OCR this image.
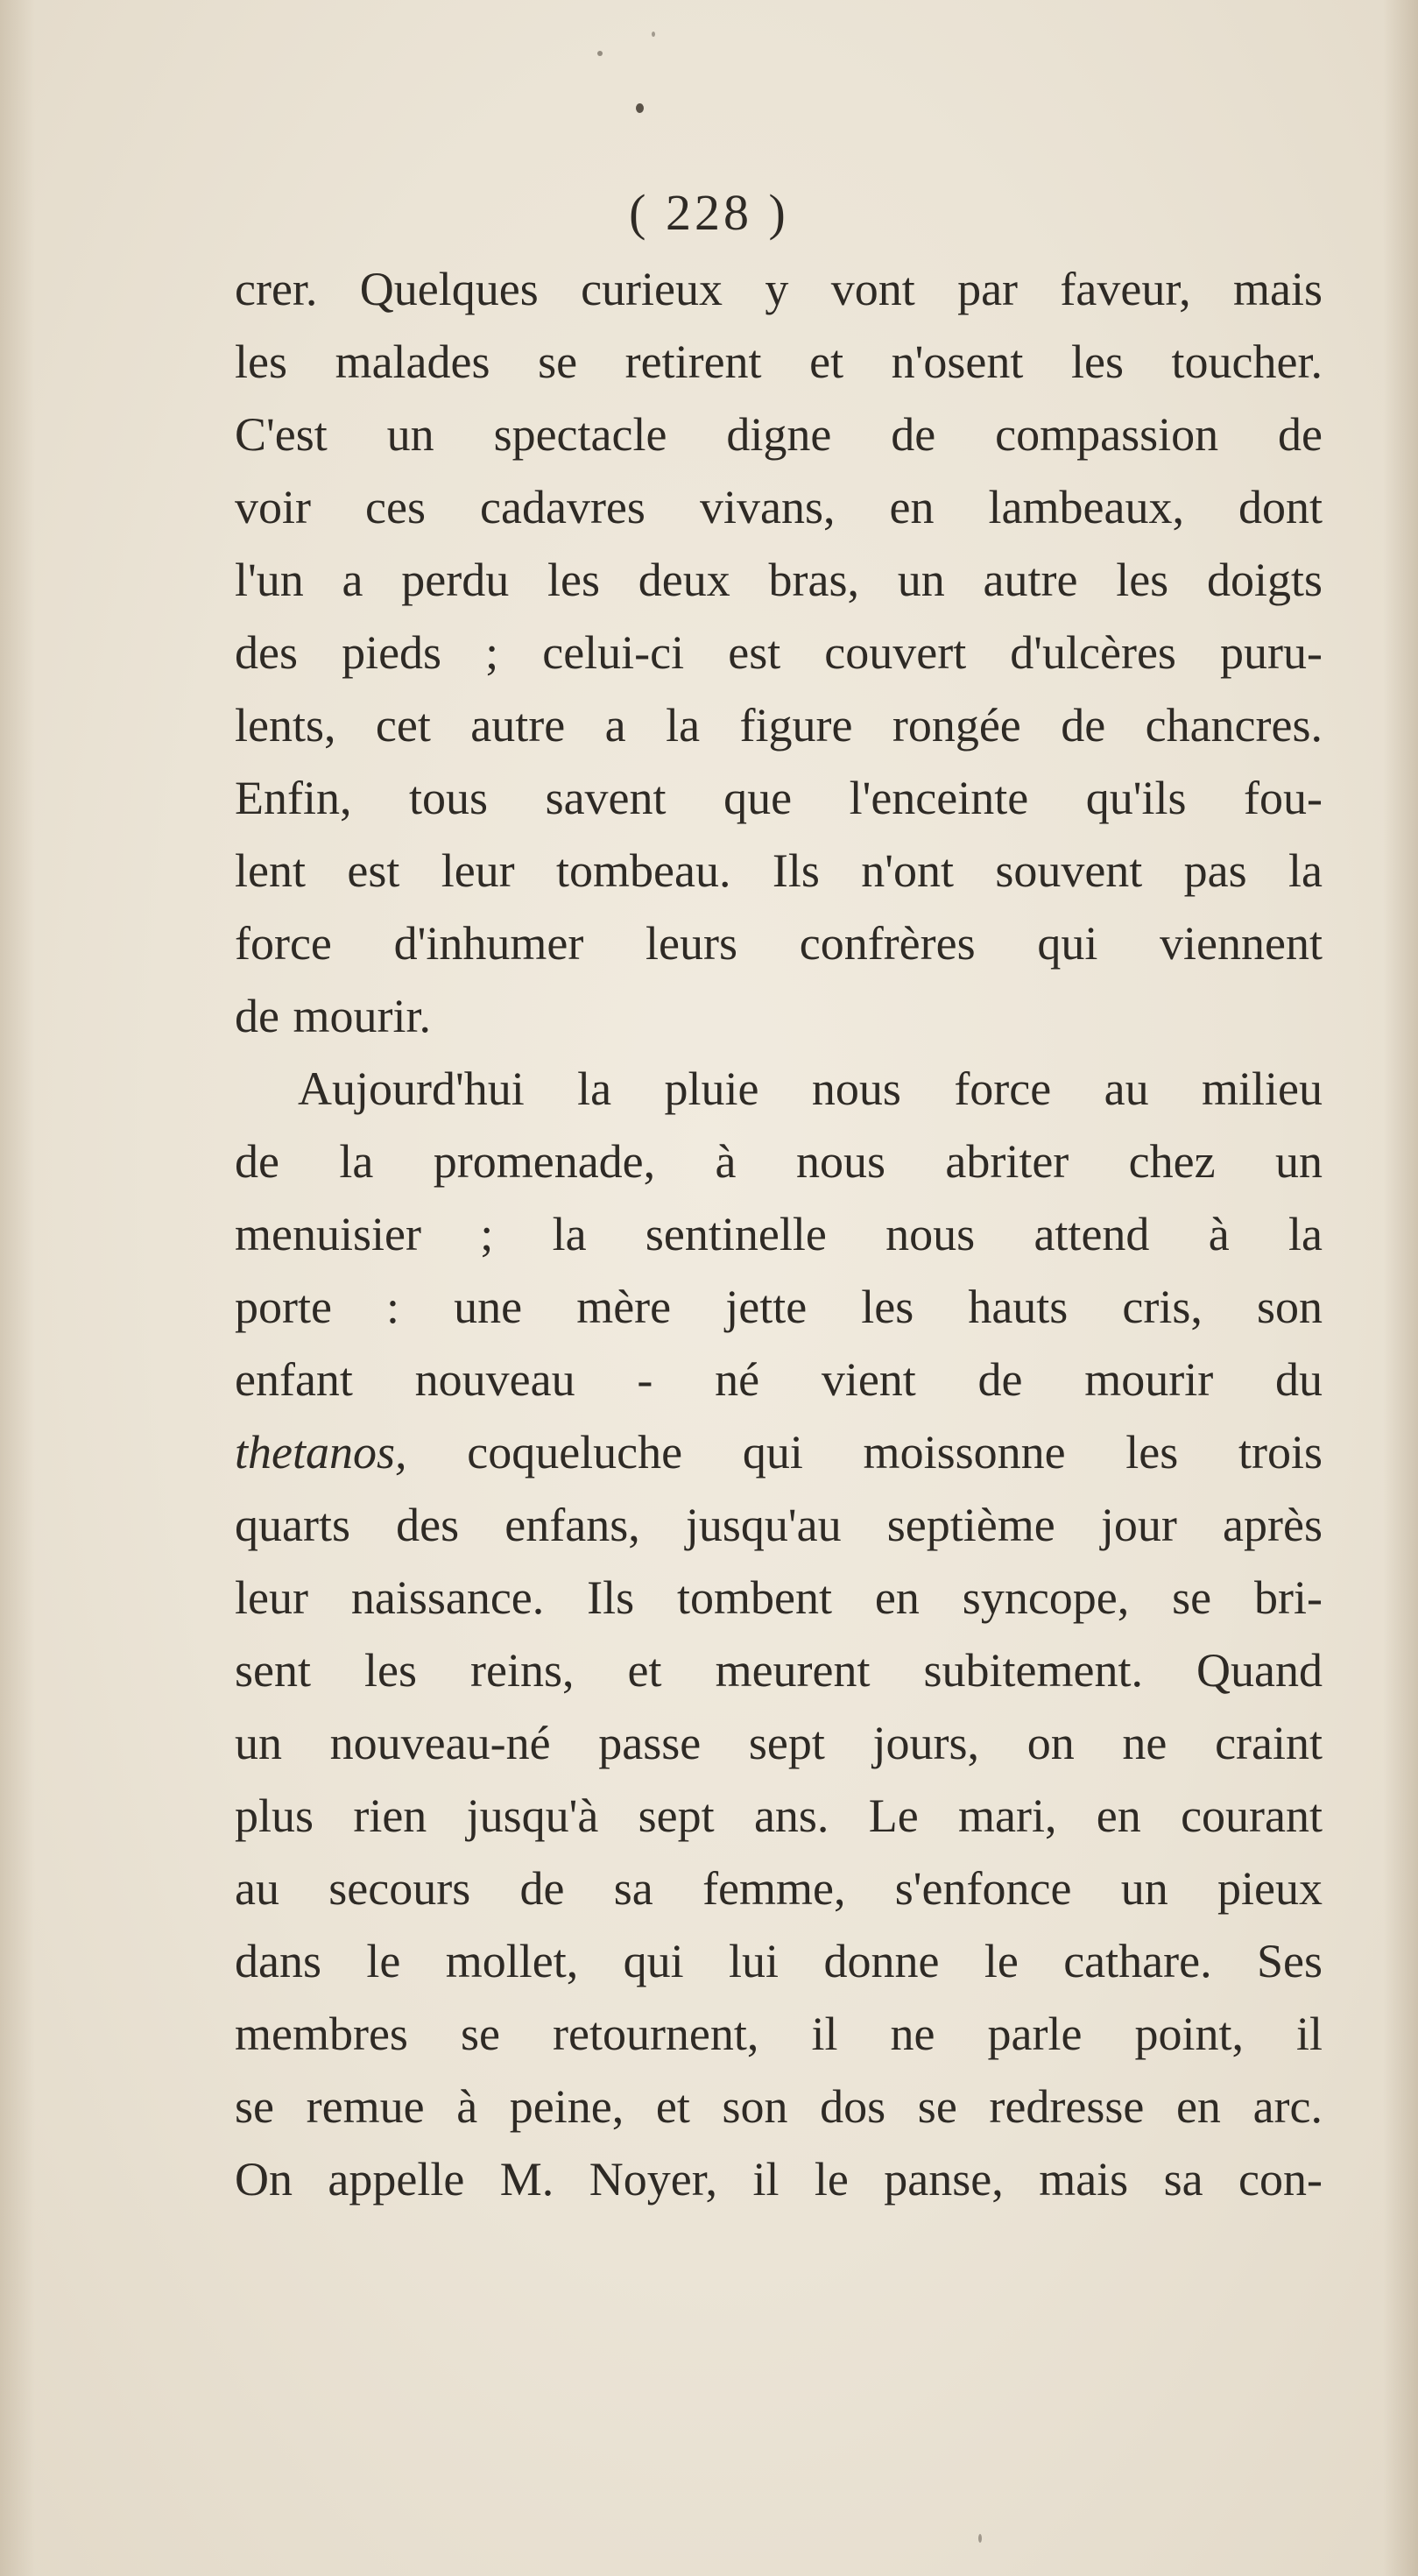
( 228 )
crer. Quelques curieux y vont par faveur, mais
les malades se retirent et n'osent les toucher.
C'est un spectacle digne de compassion de
voir ces cadavres vivans, en lambeaux, dont
l'un a perdu les deux bras, un autre les doigts
des pieds ; celui-ci est couvert d'ulcères puru-
lents, cet autre a la figure rongée de chancres.
Enfin, tous savent que l'enceinte qu'ils fou-
lent est leur tombeau. Ils n'ont souvent pas la
force d'inhumer leurs confrères qui viennent
de mourir.
Aujourd'hui la pluie nous force au milieu
de la promenade, à nous abriter chez un
menuisier ; la sentinelle nous attend à la
porte : une mère jette les hauts cris, son
enfant nouveau - né vient de mourir du
thetanos, coqueluche qui moissonne les trois
quarts des enfans, jusqu'au septième jour après
leur naissance. Ils tombent en syncope, se bri-
sent les reins, et meurent subitement. Quand
un nouveau-né passe sept jours, on ne craint
plus rien jusqu'à sept ans. Le mari, en courant
au secours de sa femme, s'enfonce un pieux
dans le mollet, qui lui donne le cathare. Ses
membres se retournent, il ne parle point, il
se remue à peine, et son dos se redresse en arc.
On appelle M. Noyer, il le panse, mais sa con-
